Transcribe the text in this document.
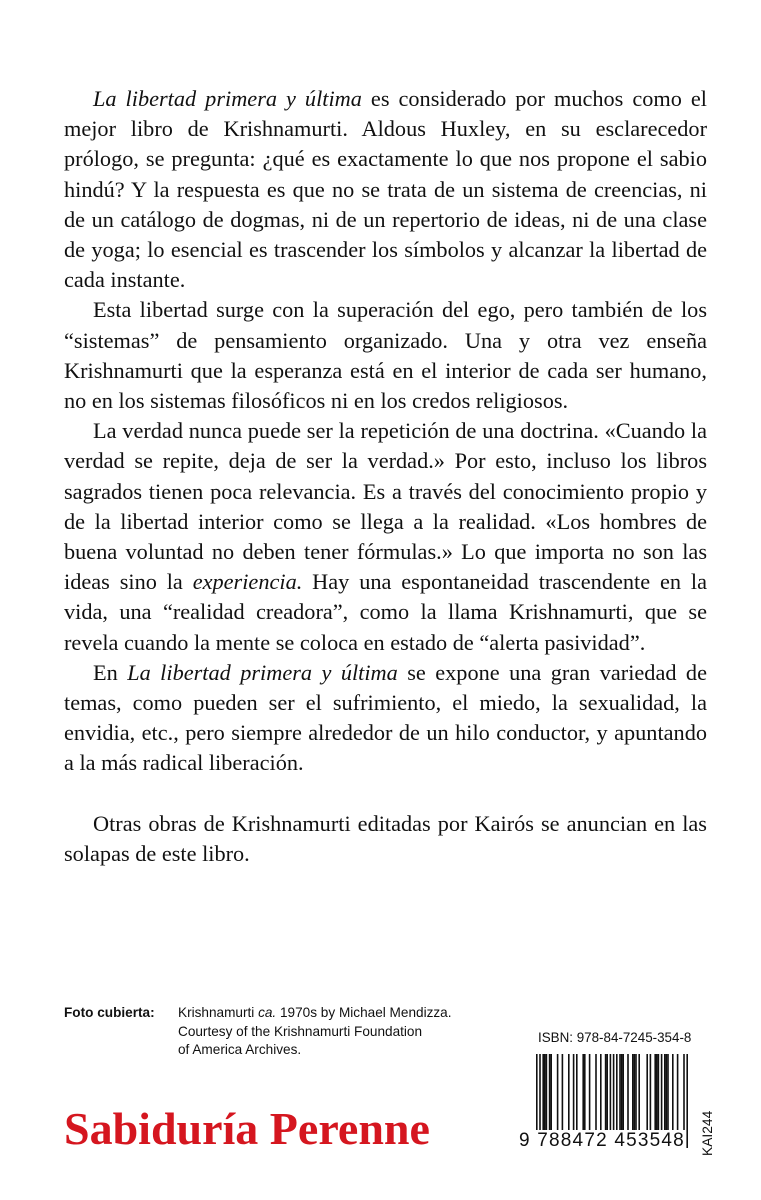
La libertad primera y última es considerado por muchos como el mejor libro de Krishnamurti. Aldous Huxley, en su esclarecedor prólogo, se pregunta: ¿qué es exactamente lo que nos propone el sabio hindú? Y la respuesta es que no se trata de un sistema de creencias, ni de un catálogo de dogmas, ni de un repertorio de ideas, ni de una clase de yoga; lo esencial es trascender los símbolos y alcanzar la libertad de cada instante.

Esta libertad surge con la superación del ego, pero también de los “sistemas” de pensamiento organizado. Una y otra vez enseña Krishnamurti que la esperanza está en el interior de cada ser humano, no en los sistemas filosóficos ni en los credos religiosos.

La verdad nunca puede ser la repetición de una doctrina. «Cuando la verdad se repite, deja de ser la verdad.» Por esto, incluso los libros sagrados tienen poca relevancia. Es a través del conocimiento propio y de la libertad interior como se llega a la realidad. «Los hombres de buena voluntad no deben tener fórmulas.» Lo que importa no son las ideas sino la experiencia. Hay una espontaneidad trascendente en la vida, una “realidad creadora”, como la llama Krishnamurti, que se revela cuando la mente se coloca en estado de “alerta pasividad”.

En La libertad primera y última se expone una gran variedad de temas, como pueden ser el sufrimiento, el miedo, la sexualidad, la envidia, etc., pero siempre alrededor de un hilo conductor, y apuntando a la más radical liberación.

Otras obras de Krishnamurti editadas por Kairós se anuncian en las solapas de este libro.

Foto cubierta: Krishnamurti ca. 1970s by Michael Mendizza.
Courtesy of the Krishnamurti Foundation
of America Archives.
ISBN: 978-84-7245-354-8
9 788472 453548 KAI244
Sabiduría Perenne
